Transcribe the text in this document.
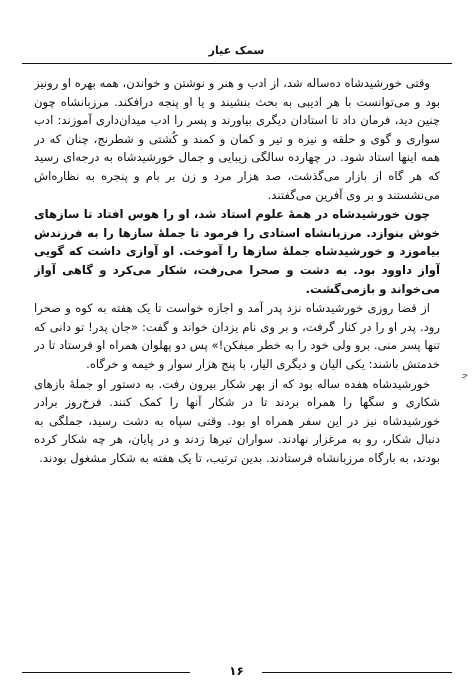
سمک عیار

وقتی خورشیدشاه ده‌ساله شد، از ادب و هنر و نوشتن و خواندن، همه بهره او رونیز بود و می‌توانست با هر ادیبی به بحث بنشیند و یا او پنجه درافکند. مرزبانشاه چون چنین دید، فرمان داد تا استادان دیگری بیاورند و پسر را ادب میدان‌داری آموزند: ادب سواری و گوی و حلقه و نیزه و تیر و کمان و کمند و کُشتی و شطرنج، چنان که در همه اینها استاد شود. در چهارده سالگی زیبایی و جمال خورشیدشاه به درجه‌ای رسید که هر گاه از بازار می‌گذشت، صد هزار مرد و زن بر بام و پنجره به نظاره‌اش می‌نشستند و بر وی آفرین می‌گفتند.

چون خورشیدشاه در همهٔ علوم استاد شد، او را هوس افتاد تا سازهای خوش بنوازد. مرزبانشاه استادی را فرمود تا جملهٔ سازها را به فرزندش بیاموزد و خورشیدشاه جملهٔ سازها را آموخت. او آوازی داشت که گویی آواز داوود بود. به دشت و صحرا می‌رفت، شکار می‌کرد و گاهی آواز می‌خواند و بازمی‌گشت.

از قضا روزی خورشیدشاه نزد پدر آمد و اجازه خواست تا یک هفته به کوه و صحرا رود. پدر او را در کنار گرفت، و بر وی نام یزدان خواند و گفت: «جان پدر! تو دانی که تنها پسر منی. برو ولی خود را به خطر میفکن!» پس دو پهلوان همراه او فرستاد تا در خدمتش باشند: یکی الیان و دیگری الیار، با پنج هزار سوار و خیمه و خرگاه.

خورشیدشاه هفده ساله بود که از بهر شکار بیرون رفت. به دستور او جملهٔ بازهای شکاری و سگها را همراه بردند تا در شکار آنها را کمک کنند. فرخ‌روز برادر خورشیدشاه نیز در این سفر همراه او بود. وقتی سپاه به دشت رسید، جملگی به دنبال شکار، رو به مرغزار نهادند. سواران تیرها زدند و در پایان، هر چه شکار کرده بودند، به بارگاه مرزبانشاه فرستادند. بدین ترتیب، تا یک هفته به شکار مشغول بودند.

ﺟ
۱۶
